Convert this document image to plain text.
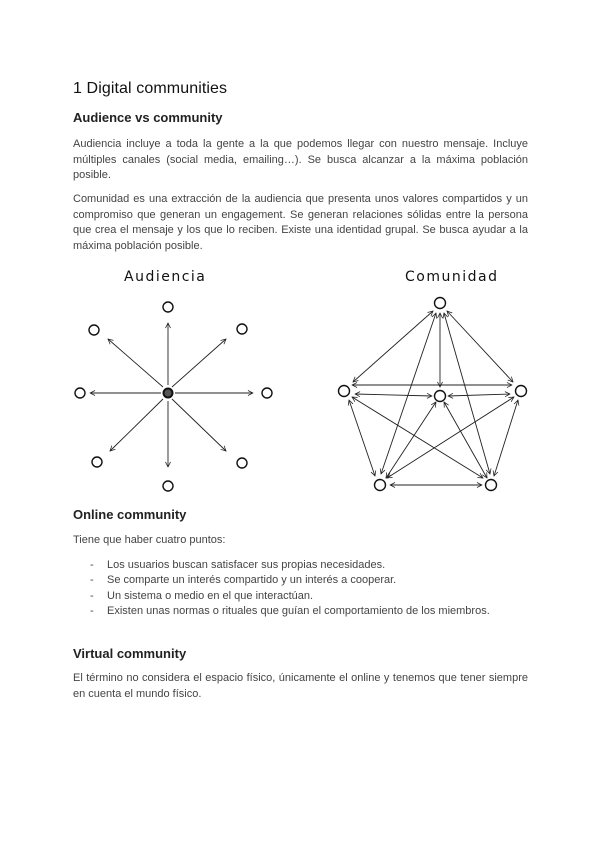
1 Digital communities
Audience vs community

Audiencia incluye a toda la gente a la que podemos llegar con nuestro mensaje. Incluye múltiples canales (social media, emailing…). Se busca alcanzar a la máxima población posible.

Comunidad es una extracción de la audiencia que presenta unos valores compartidos y un compromiso que generan un engagement. Se generan relaciones sólidas entre la persona que crea el mensaje y los que lo reciben. Existe una identidad grupal. Se busca ayudar a la máxima población posible.

Audiencia	Comunidad
Online community

Tiene que haber cuatro puntos:

- Los usuarios buscan satisfacer sus propias necesidades.
- Se comparte un interés compartido y un interés a cooperar.
- Un sistema o medio en el que interactúan.
- Existen unas normas o rituales que guían el comportamiento de los miembros.
Virtual community

El término no considera el espacio físico, únicamente el online y tenemos que tener siempre en cuenta el mundo físico.
